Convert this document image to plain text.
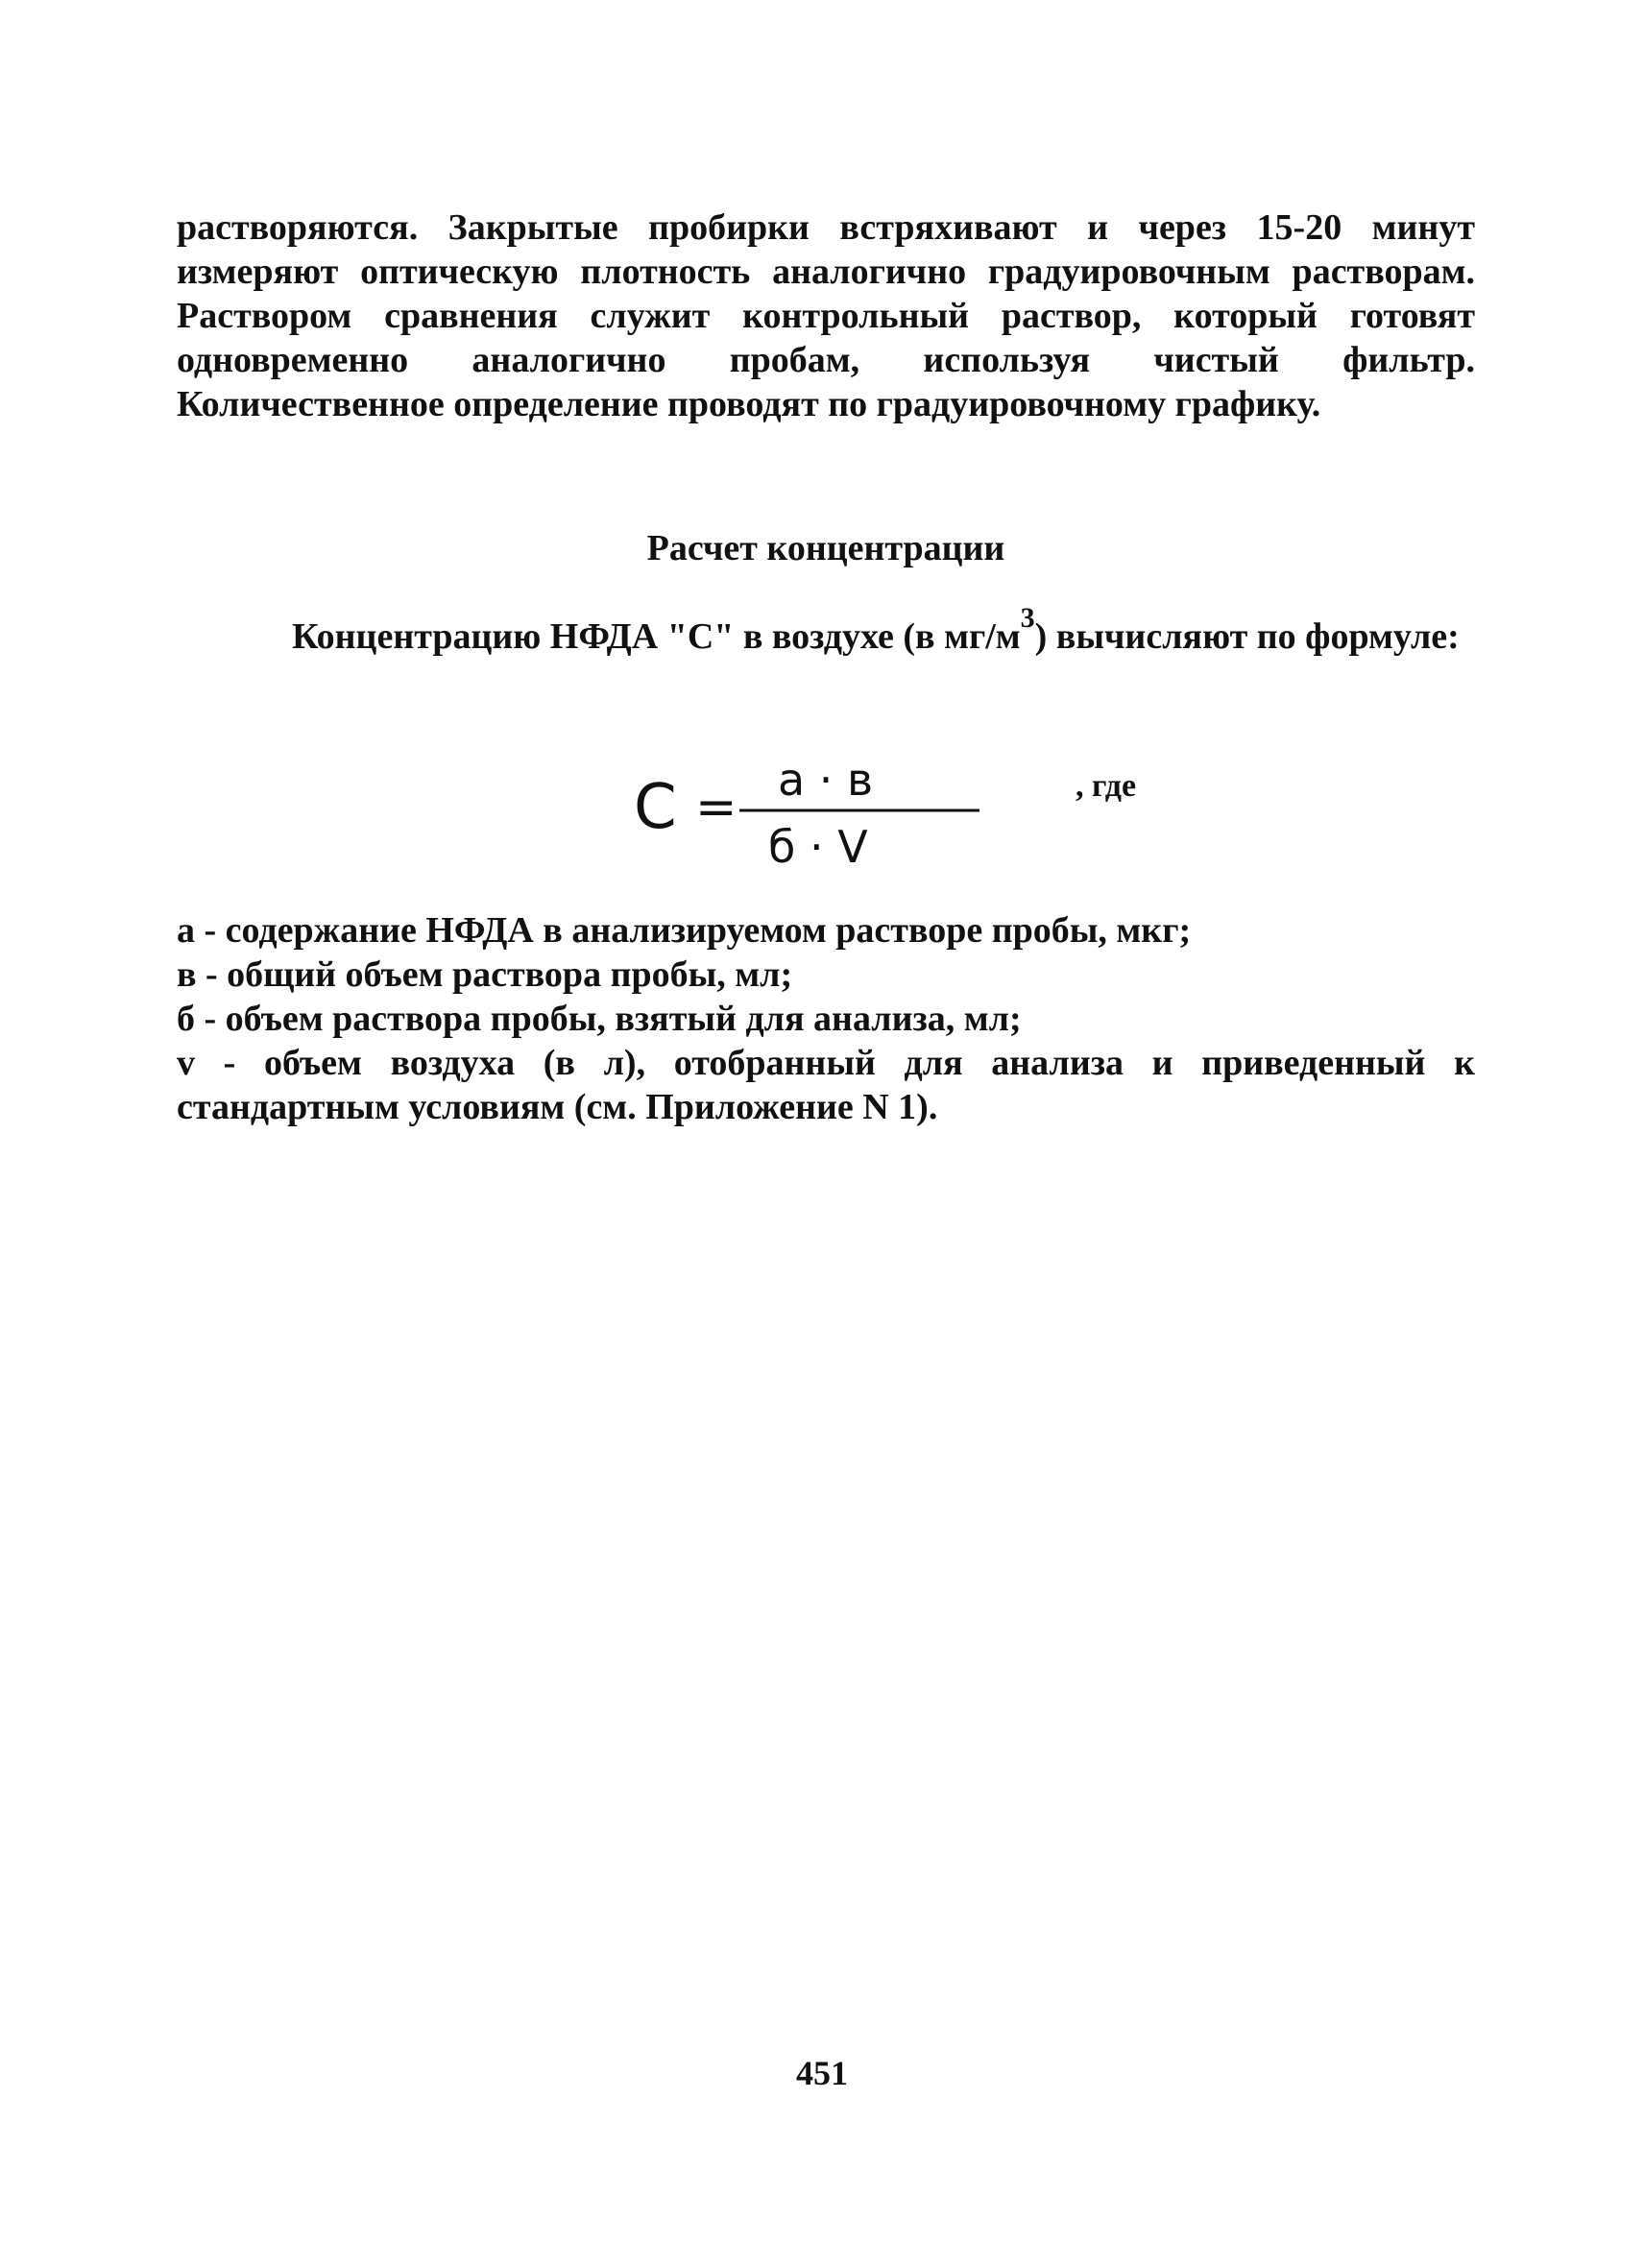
растворяются. Закрытые пробирки встряхивают и через 15-20 минут измеряют оптическую плотность аналогично градуировочным растворам. Раствором сравнения служит контрольный раствор, который готовят одновременно аналогично пробам, используя чистый фильтр. Количественное определение проводят по градуировочному графику.
Расчет концентрации
Концентрацию НФДА "С" в воздухе (в $мг/м^3$) вычисляют по формуле:
C = a · в
б · V
, где
а - содержание НФДА в анализируемом растворе пробы, мкг;
в - общий объем раствора пробы, мл;
б - объем раствора пробы, взятый для анализа, мл;
v - объем воздуха (в л), отобранный для анализа и приведенный к стандартным условиям (см. Приложение N 1).
451
